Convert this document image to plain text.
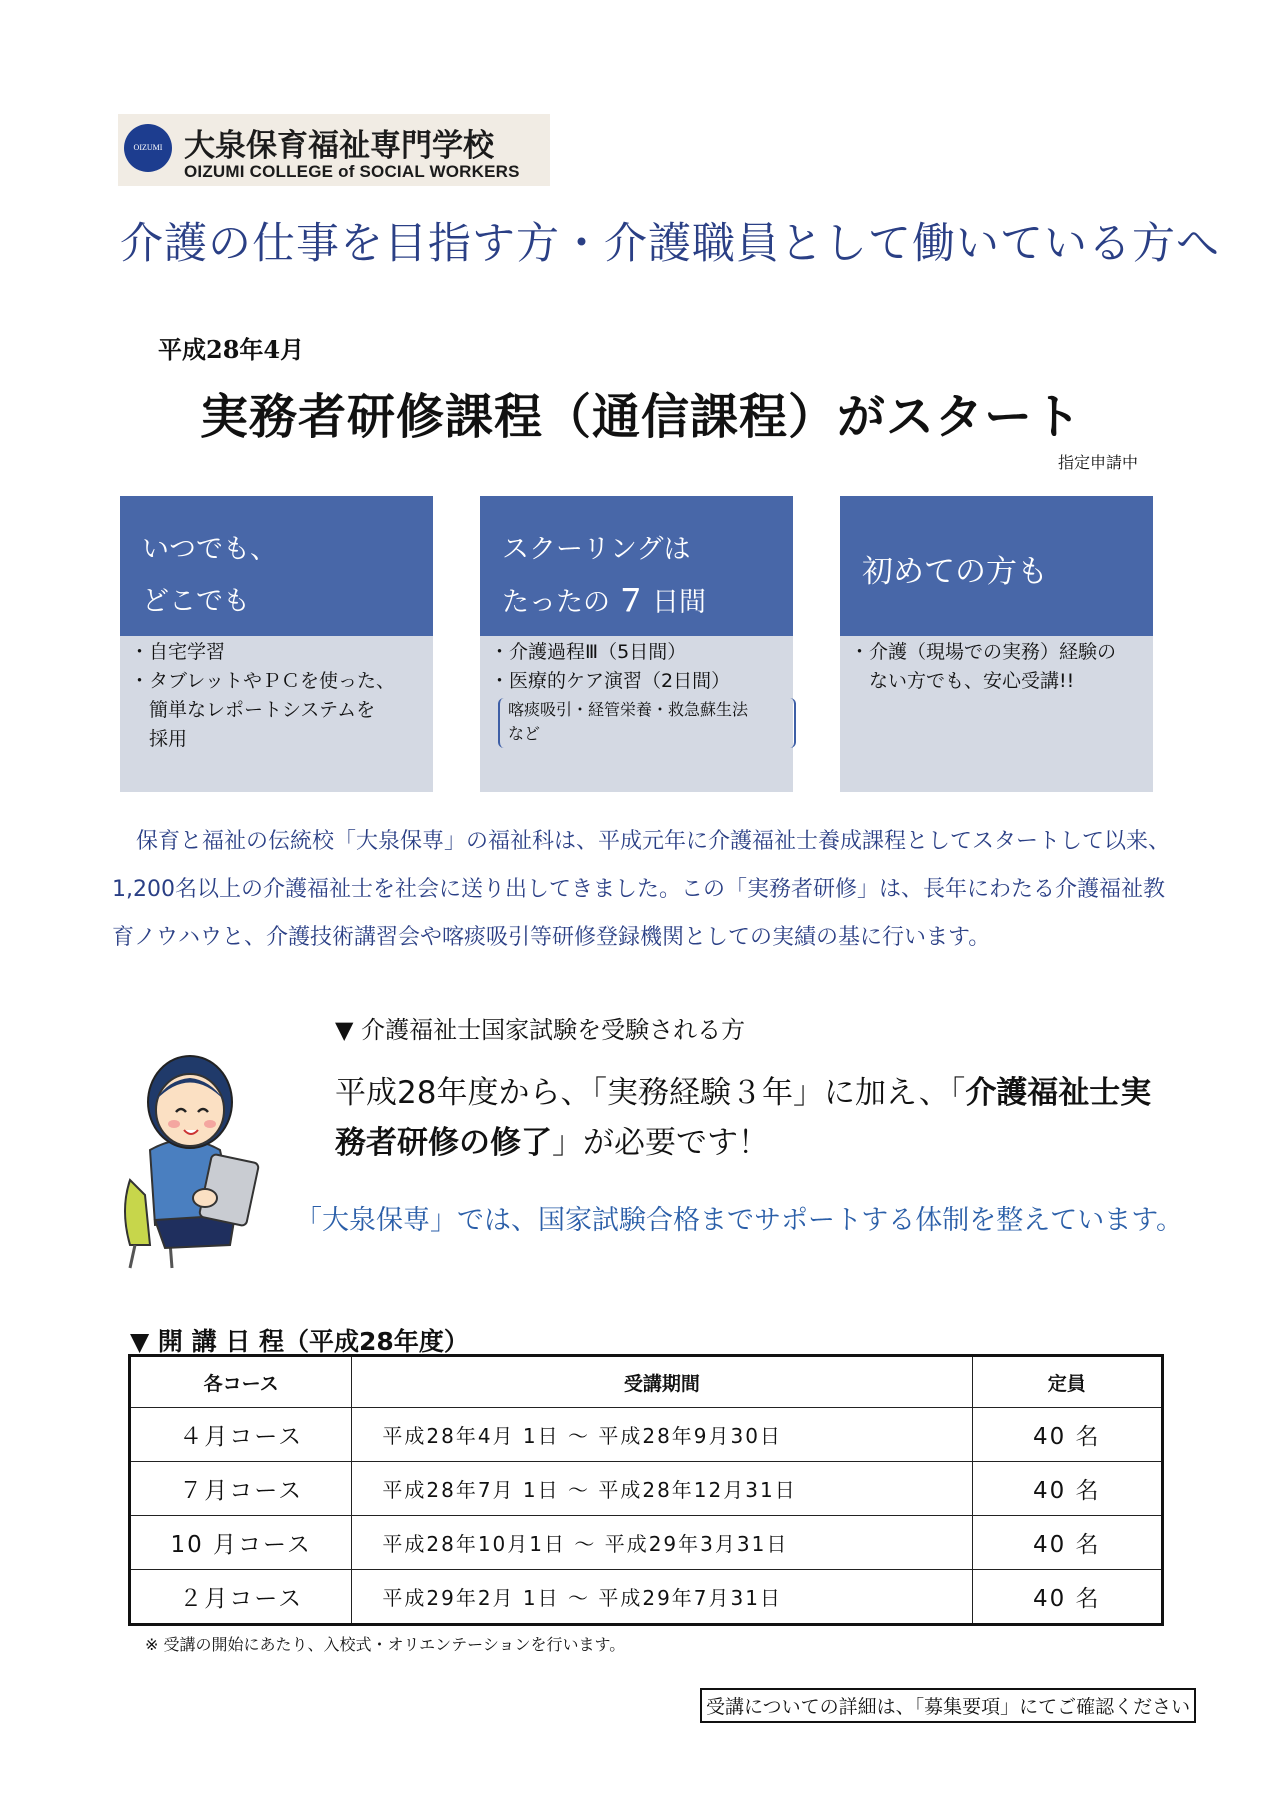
OIZUMI 大泉保育福祉専門学校
OIZUMI COLLEGE of SOCIAL WORKERS
介護の仕事を目指す方・介護職員として働いている方へ
平成28年4月
実務者研修課程（通信課程）がスタート
指定申請中
いつでも、
どこでも
・自宅学習
・タブレットやＰＣを使った、
　簡単なレポートシステムを
　採用
スクーリングは
たったの ７ 日間
・介護過程Ⅲ（5日間）
・医療的ケア演習（2日間）
喀痰吸引・経管栄養・救急蘇生法
など
初めての方も
・介護（現場での実務）経験の
　ない方でも、安心受講!!
保育と福祉の伝統校「大泉保専」の福祉科は、平成元年に介護福祉士養成課程としてスタートして以来、1,200名以上の介護福祉士を社会に送り出してきました。この「実務者研修」は、長年にわたる介護福祉教育ノウハウと、介護技術講習会や喀痰吸引等研修登録機関としての実績の基に行います。
▼ 介護福祉士国家試験を受験される方
平成28年度から、「実務経験３年」に加え、「介護福祉士実務者研修の修了」が必要です！
「大泉保専」では、国家試験合格までサポートする体制を整えています。
▼ 開 講 日 程（平成28年度）
各コース	受講期間	定員
４月コース	平成28年4月 1日 ～ 平成28年9月30日	40 名
７月コース	平成28年7月 1日 ～ 平成28年12月31日	40 名
10 月コース	平成28年10月1日 ～ 平成29年3月31日	40 名
２月コース	平成29年2月 1日 ～ 平成29年7月31日	40 名
※ 受講の開始にあたり、入校式・オリエンテーションを行います。
受講についての詳細は、「募集要項」にてご確認ください
